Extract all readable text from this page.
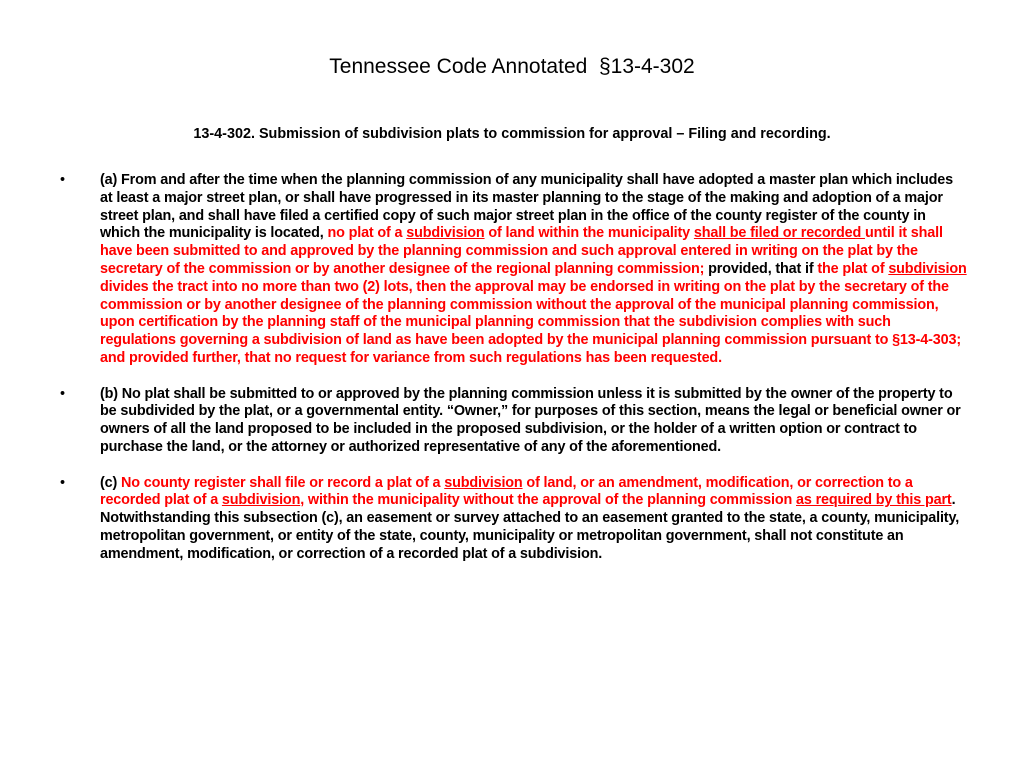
Tennessee Code Annotated  §13-4-302
13-4-302. Submission of subdivision plats to commission for approval – Filing and recording.
• (a) From and after the time when the planning commission of any municipality shall have adopted a master plan which includes at least a major street plan, or shall have progressed in its master planning to the stage of the making and adoption of a major street plan, and shall have filed a certified copy of such major street plan in the office of the county register of the county in which the municipality is located, no plat of a subdivision of land within the municipality shall be filed or recorded until it shall have been submitted to and approved by the planning commission and such approval entered in writing on the plat by the secretary of the commission or by another designee of the regional planning commission; provided, that if the plat of subdivision divides the tract into no more than two (2) lots, then the approval may be endorsed in writing on the plat by the secretary of the commission or by another designee of the planning commission without the approval of the municipal planning commission, upon certification by the planning staff of the municipal planning commission that the subdivision complies with such regulations governing a subdivision of land as have been adopted by the municipal planning commission pursuant to §13-4-303; and provided further, that no request for variance from such regulations has been requested.
• (b) No plat shall be submitted to or approved by the planning commission unless it is submitted by the owner of the property to be subdivided by the plat, or a governmental entity. “Owner,” for purposes of this section, means the legal or beneficial owner or owners of all the land proposed to be included in the proposed subdivision, or the holder of a written option or contract to purchase the land, or the attorney or authorized representative of any of the aforementioned.
• (c) No county register shall file or record a plat of a subdivision of land, or an amendment, modification, or correction to a recorded plat of a subdivision, within the municipality without the approval of the planning commission as required by this part. Notwithstanding this subsection (c), an easement or survey attached to an easement granted to the state, a county, municipality, metropolitan government, or entity of the state, county, municipality or metropolitan government, shall not constitute an amendment, modification, or correction of a recorded plat of a subdivision.
